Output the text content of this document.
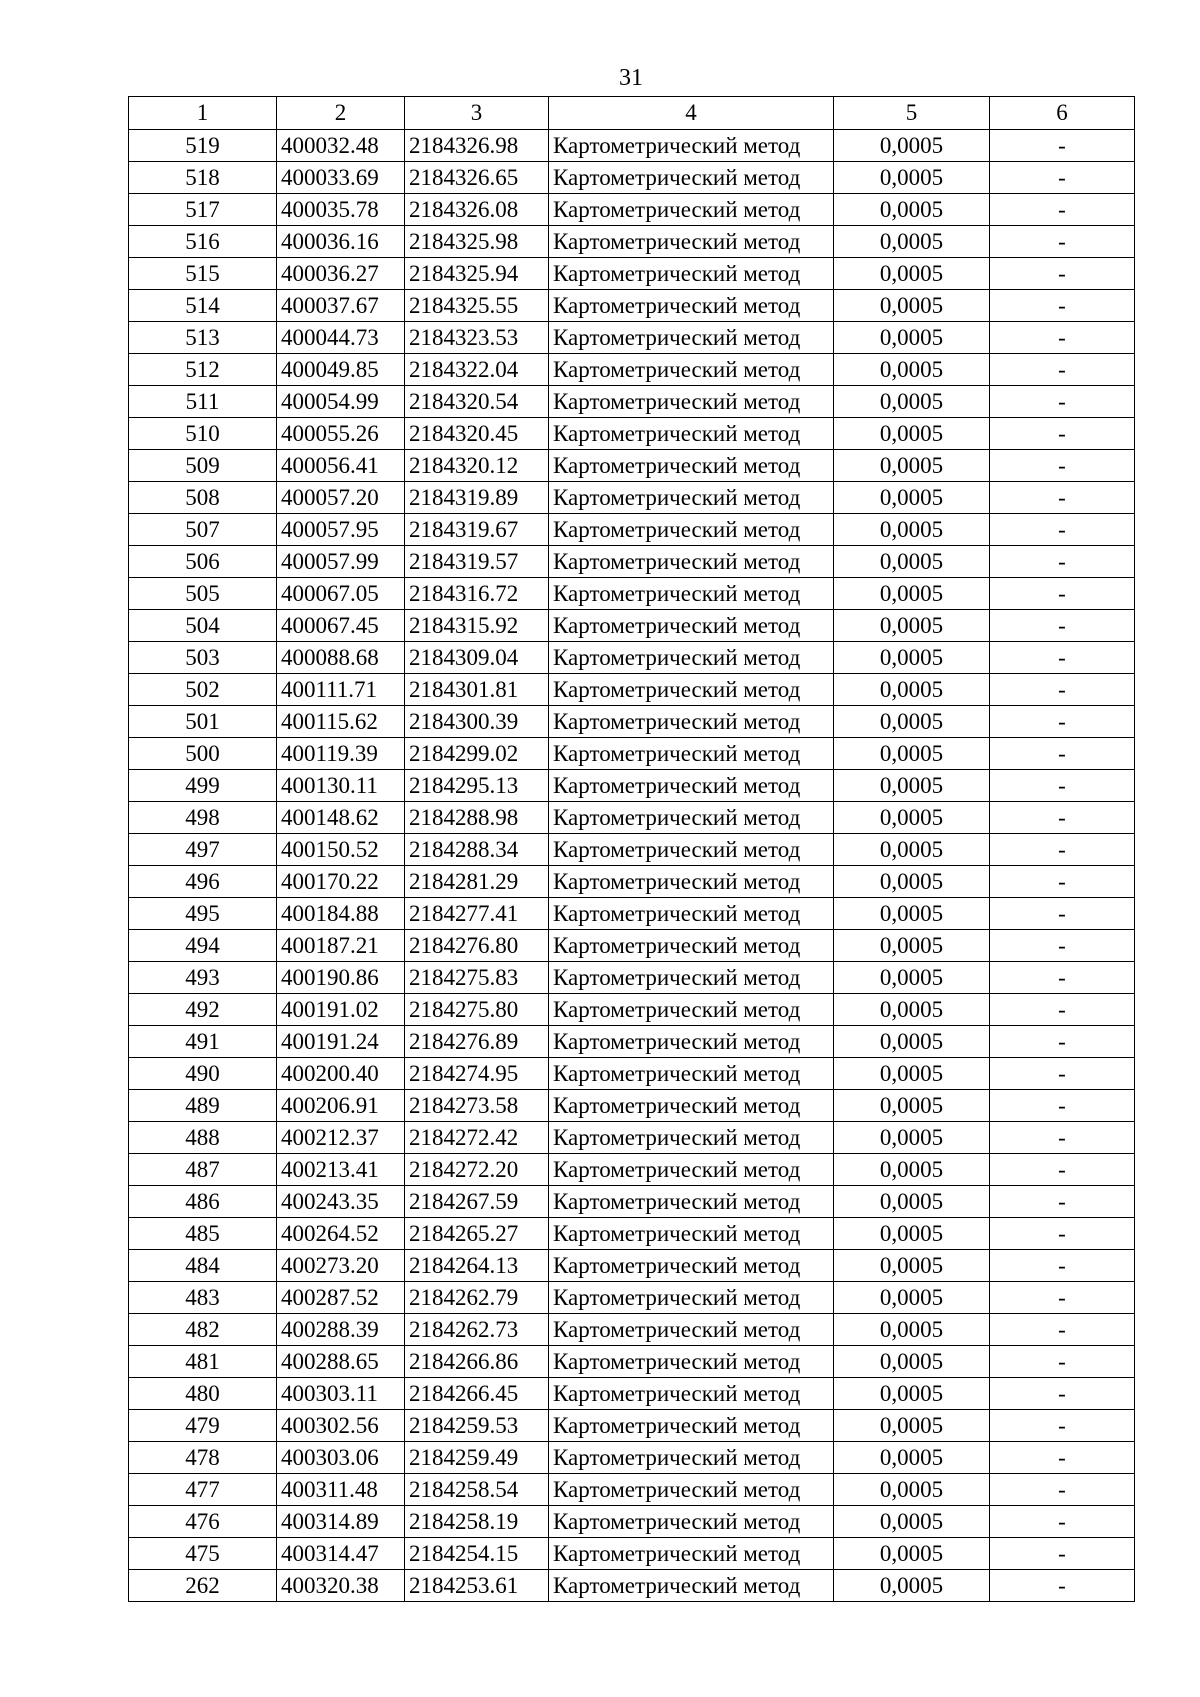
31
1	2	3	4	5	6
519	400032.48	2184326.98	Картометрический метод	0,0005	-
518	400033.69	2184326.65	Картометрический метод	0,0005	-
517	400035.78	2184326.08	Картометрический метод	0,0005	-
516	400036.16	2184325.98	Картометрический метод	0,0005	-
515	400036.27	2184325.94	Картометрический метод	0,0005	-
514	400037.67	2184325.55	Картометрический метод	0,0005	-
513	400044.73	2184323.53	Картометрический метод	0,0005	-
512	400049.85	2184322.04	Картометрический метод	0,0005	-
511	400054.99	2184320.54	Картометрический метод	0,0005	-
510	400055.26	2184320.45	Картометрический метод	0,0005	-
509	400056.41	2184320.12	Картометрический метод	0,0005	-
508	400057.20	2184319.89	Картометрический метод	0,0005	-
507	400057.95	2184319.67	Картометрический метод	0,0005	-
506	400057.99	2184319.57	Картометрический метод	0,0005	-
505	400067.05	2184316.72	Картометрический метод	0,0005	-
504	400067.45	2184315.92	Картометрический метод	0,0005	-
503	400088.68	2184309.04	Картометрический метод	0,0005	-
502	400111.71	2184301.81	Картометрический метод	0,0005	-
501	400115.62	2184300.39	Картометрический метод	0,0005	-
500	400119.39	2184299.02	Картометрический метод	0,0005	-
499	400130.11	2184295.13	Картометрический метод	0,0005	-
498	400148.62	2184288.98	Картометрический метод	0,0005	-
497	400150.52	2184288.34	Картометрический метод	0,0005	-
496	400170.22	2184281.29	Картометрический метод	0,0005	-
495	400184.88	2184277.41	Картометрический метод	0,0005	-
494	400187.21	2184276.80	Картометрический метод	0,0005	-
493	400190.86	2184275.83	Картометрический метод	0,0005	-
492	400191.02	2184275.80	Картометрический метод	0,0005	-
491	400191.24	2184276.89	Картометрический метод	0,0005	-
490	400200.40	2184274.95	Картометрический метод	0,0005	-
489	400206.91	2184273.58	Картометрический метод	0,0005	-
488	400212.37	2184272.42	Картометрический метод	0,0005	-
487	400213.41	2184272.20	Картометрический метод	0,0005	-
486	400243.35	2184267.59	Картометрический метод	0,0005	-
485	400264.52	2184265.27	Картометрический метод	0,0005	-
484	400273.20	2184264.13	Картометрический метод	0,0005	-
483	400287.52	2184262.79	Картометрический метод	0,0005	-
482	400288.39	2184262.73	Картометрический метод	0,0005	-
481	400288.65	2184266.86	Картометрический метод	0,0005	-
480	400303.11	2184266.45	Картометрический метод	0,0005	-
479	400302.56	2184259.53	Картометрический метод	0,0005	-
478	400303.06	2184259.49	Картометрический метод	0,0005	-
477	400311.48	2184258.54	Картометрический метод	0,0005	-
476	400314.89	2184258.19	Картометрический метод	0,0005	-
475	400314.47	2184254.15	Картометрический метод	0,0005	-
262	400320.38	2184253.61	Картометрический метод	0,0005	-
